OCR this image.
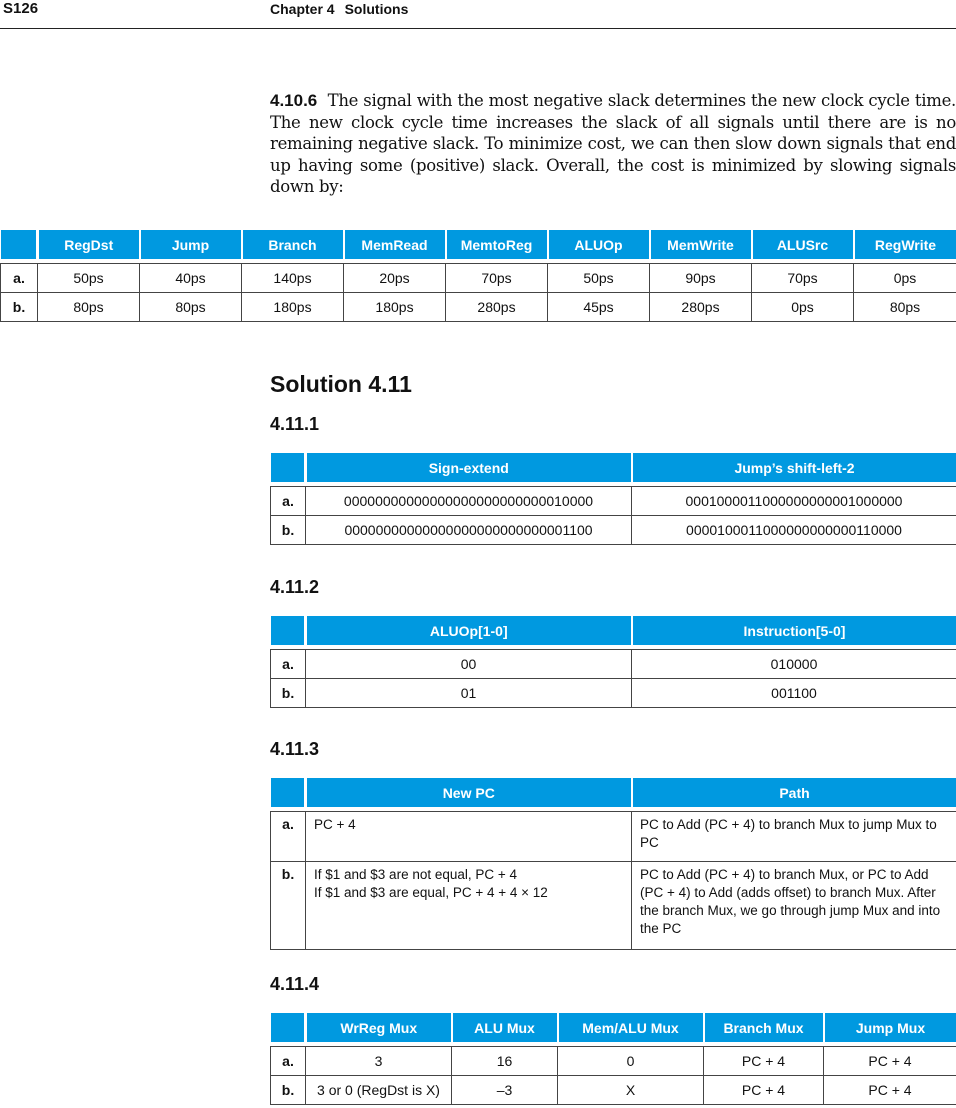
S126	Chapter 4 Solutions
4.10.6 The signal with the most negative slack determines the new clock cycle time. The new clock cycle time increases the slack of all signals until there are is no remaining negative slack. To minimize cost, we can then slow down signals that end up having some (positive) slack. Overall, the cost is minimized by slowing signals down by:
	RegDst	Jump	Branch	MemRead	MemtoReg	ALUOp	MemWrite	ALUSrc	RegWrite

a.	50ps	40ps	140ps	20ps	70ps	50ps	90ps	70ps	0ps
b.	80ps	80ps	180ps	180ps	280ps	45ps	280ps	0ps	80ps
Solution 4.11
4.11.1
	Sign-extend	Jump’s shift-left-2

a.	00000000000000000000000000010000	0001000011000000000001000000
b.	00000000000000000000000000001100	0000100011000000000000110000
4.11.2
	ALUOp[1-0]	Instruction[5-0]

a.	00	010000
b.	01	001100
4.11.3
	New PC	Path

a.	PC + 4	PC to Add (PC + 4) to branch Mux to jump Mux to PC
b.	If $1 and $3 are not equal, PC + 4
If $1 and $3 are equal, PC + 4 + 4 × 12	PC to Add (PC + 4) to branch Mux, or PC to Add (PC + 4) to Add (adds offset) to branch Mux. After the branch Mux, we go through jump Mux and into the PC
4.11.4
	WrReg Mux	ALU Mux	Mem/ALU Mux	Branch Mux	Jump Mux

a.	3	16	0	PC + 4	PC + 4
b.	3 or 0 (RegDst is X)	–3	X	PC + 4	PC + 4
